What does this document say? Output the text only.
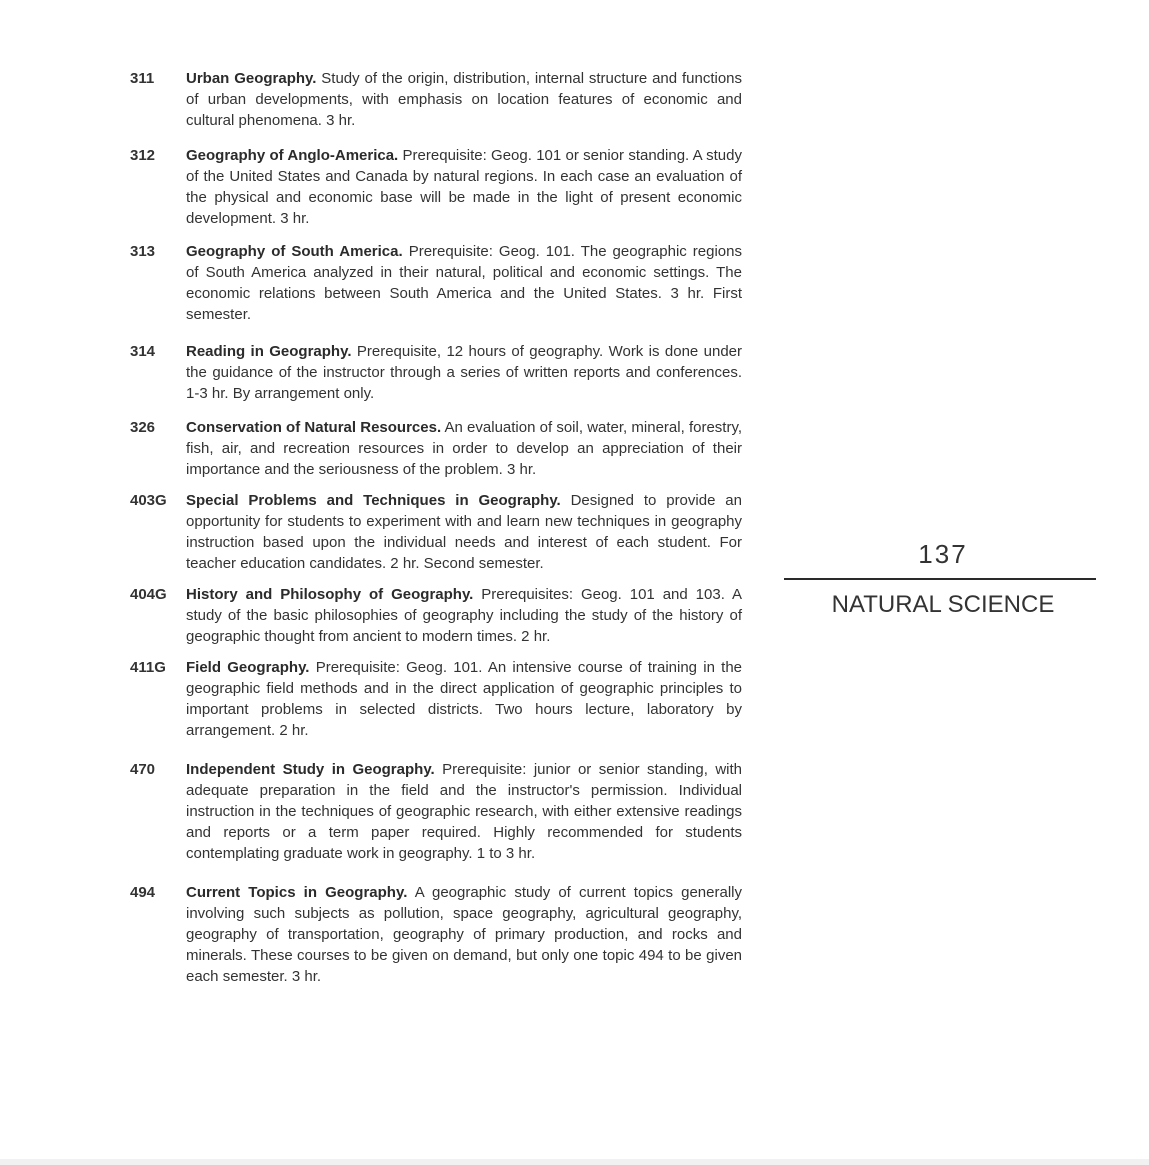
311	Urban Geography. Study of the origin, distribution, internal structure and functions of urban developments, with emphasis on location features of economic and cultural phenomena. 3 hr.
312	Geography of Anglo-America. Prerequisite: Geog. 101 or senior standing. A study of the United States and Canada by natural regions. In each case an evaluation of the physical and economic base will be made in the light of present economic development. 3 hr.
313	Geography of South America. Prerequisite: Geog. 101. The geographic regions of South America analyzed in their natural, political and economic settings. The economic relations between South America and the United States. 3 hr. First semester.
314	Reading in Geography. Prerequisite, 12 hours of geography. Work is done under the guidance of the instructor through a series of written reports and conferences. 1-3 hr. By arrangement only.
326	Conservation of Natural Resources. An evaluation of soil, water, mineral, forestry, fish, air, and recreation resources in order to develop an appreciation of their importance and the seriousness of the problem. 3 hr.
403G	Special Problems and Techniques in Geography. Designed to provide an opportunity for students to experiment with and learn new techniques in geography instruction based upon the individual needs and interest of each student. For teacher education candidates. 2 hr. Second semester.
404G	History and Philosophy of Geography. Prerequisites: Geog. 101 and 103. A study of the basic philosophies of geography including the study of the history of geographic thought from ancient to modern times. 2 hr.
411G	Field Geography. Prerequisite: Geog. 101. An intensive course of training in the geographic field methods and in the direct application of geographic principles to important problems in selected districts. Two hours lecture, laboratory by arrangement. 2 hr.
470	Independent Study in Geography. Prerequisite: junior or senior standing, with adequate preparation in the field and the instructor's permission. Individual instruction in the techniques of geographic research, with either extensive readings and reports or a term paper required. Highly recommended for students contemplating graduate work in geography. 1 to 3 hr.
494	Current Topics in Geography. A geographic study of current topics generally involving such subjects as pollution, space geography, agricultural geography, geography of transportation, geography of primary production, and rocks and minerals. These courses to be given on demand, but only one topic 494 to be given each semester. 3 hr.
137
NATURAL SCIENCE
